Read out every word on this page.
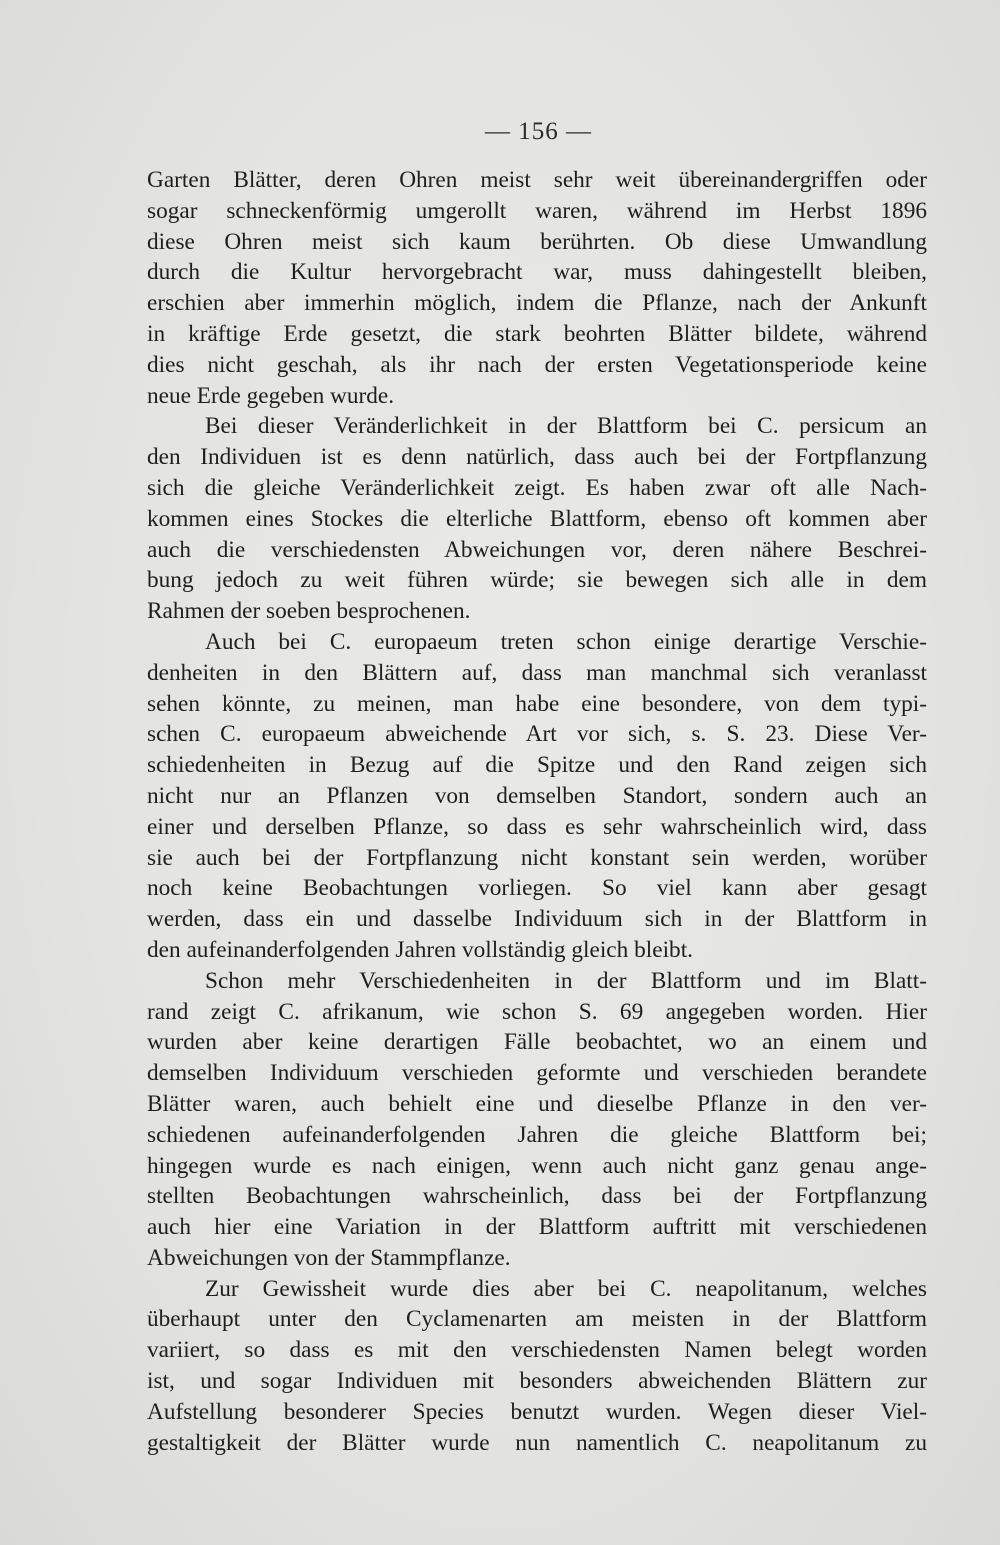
— 156 —
Garten Blätter, deren Ohren meist sehr weit übereinandergriffen oder
sogar schneckenförmig umgerollt waren, während im Herbst 1896
diese Ohren meist sich kaum berührten. Ob diese Umwandlung
durch die Kultur hervorgebracht war, muss dahingestellt bleiben,
erschien aber immerhin möglich, indem die Pflanze, nach der Ankunft
in kräftige Erde gesetzt, die stark beohrten Blätter bildete, während
dies nicht geschah, als ihr nach der ersten Vegetationsperiode keine
neue Erde gegeben wurde.
Bei dieser Veränderlichkeit in der Blattform bei C. persicum an
den Individuen ist es denn natürlich, dass auch bei der Fortpflanzung
sich die gleiche Veränderlichkeit zeigt. Es haben zwar oft alle Nach-
kommen eines Stockes die elterliche Blattform, ebenso oft kommen aber
auch die verschiedensten Abweichungen vor, deren nähere Beschrei-
bung jedoch zu weit führen würde; sie bewegen sich alle in dem
Rahmen der soeben besprochenen.
Auch bei C. europaeum treten schon einige derartige Verschie-
denheiten in den Blättern auf, dass man manchmal sich veranlasst
sehen könnte, zu meinen, man habe eine besondere, von dem typi-
schen C. europaeum abweichende Art vor sich, s. S. 23. Diese Ver-
schiedenheiten in Bezug auf die Spitze und den Rand zeigen sich
nicht nur an Pflanzen von demselben Standort, sondern auch an
einer und derselben Pflanze, so dass es sehr wahrscheinlich wird, dass
sie auch bei der Fortpflanzung nicht konstant sein werden, worüber
noch keine Beobachtungen vorliegen. So viel kann aber gesagt
werden, dass ein und dasselbe Individuum sich in der Blattform in
den aufeinanderfolgenden Jahren vollständig gleich bleibt.
Schon mehr Verschiedenheiten in der Blattform und im Blatt-
rand zeigt C. afrikanum, wie schon S. 69 angegeben worden. Hier
wurden aber keine derartigen Fälle beobachtet, wo an einem und
demselben Individuum verschieden geformte und verschieden berandete
Blätter waren, auch behielt eine und dieselbe Pflanze in den ver-
schiedenen aufeinanderfolgenden Jahren die gleiche Blattform bei;
hingegen wurde es nach einigen, wenn auch nicht ganz genau ange-
stellten Beobachtungen wahrscheinlich, dass bei der Fortpflanzung
auch hier eine Variation in der Blattform auftritt mit verschiedenen
Abweichungen von der Stammpflanze.
Zur Gewissheit wurde dies aber bei C. neapolitanum, welches
überhaupt unter den Cyclamenarten am meisten in der Blattform
variiert, so dass es mit den verschiedensten Namen belegt worden
ist, und sogar Individuen mit besonders abweichenden Blättern zur
Aufstellung besonderer Species benutzt wurden. Wegen dieser Viel-
gestaltigkeit der Blätter wurde nun namentlich C. neapolitanum zu
